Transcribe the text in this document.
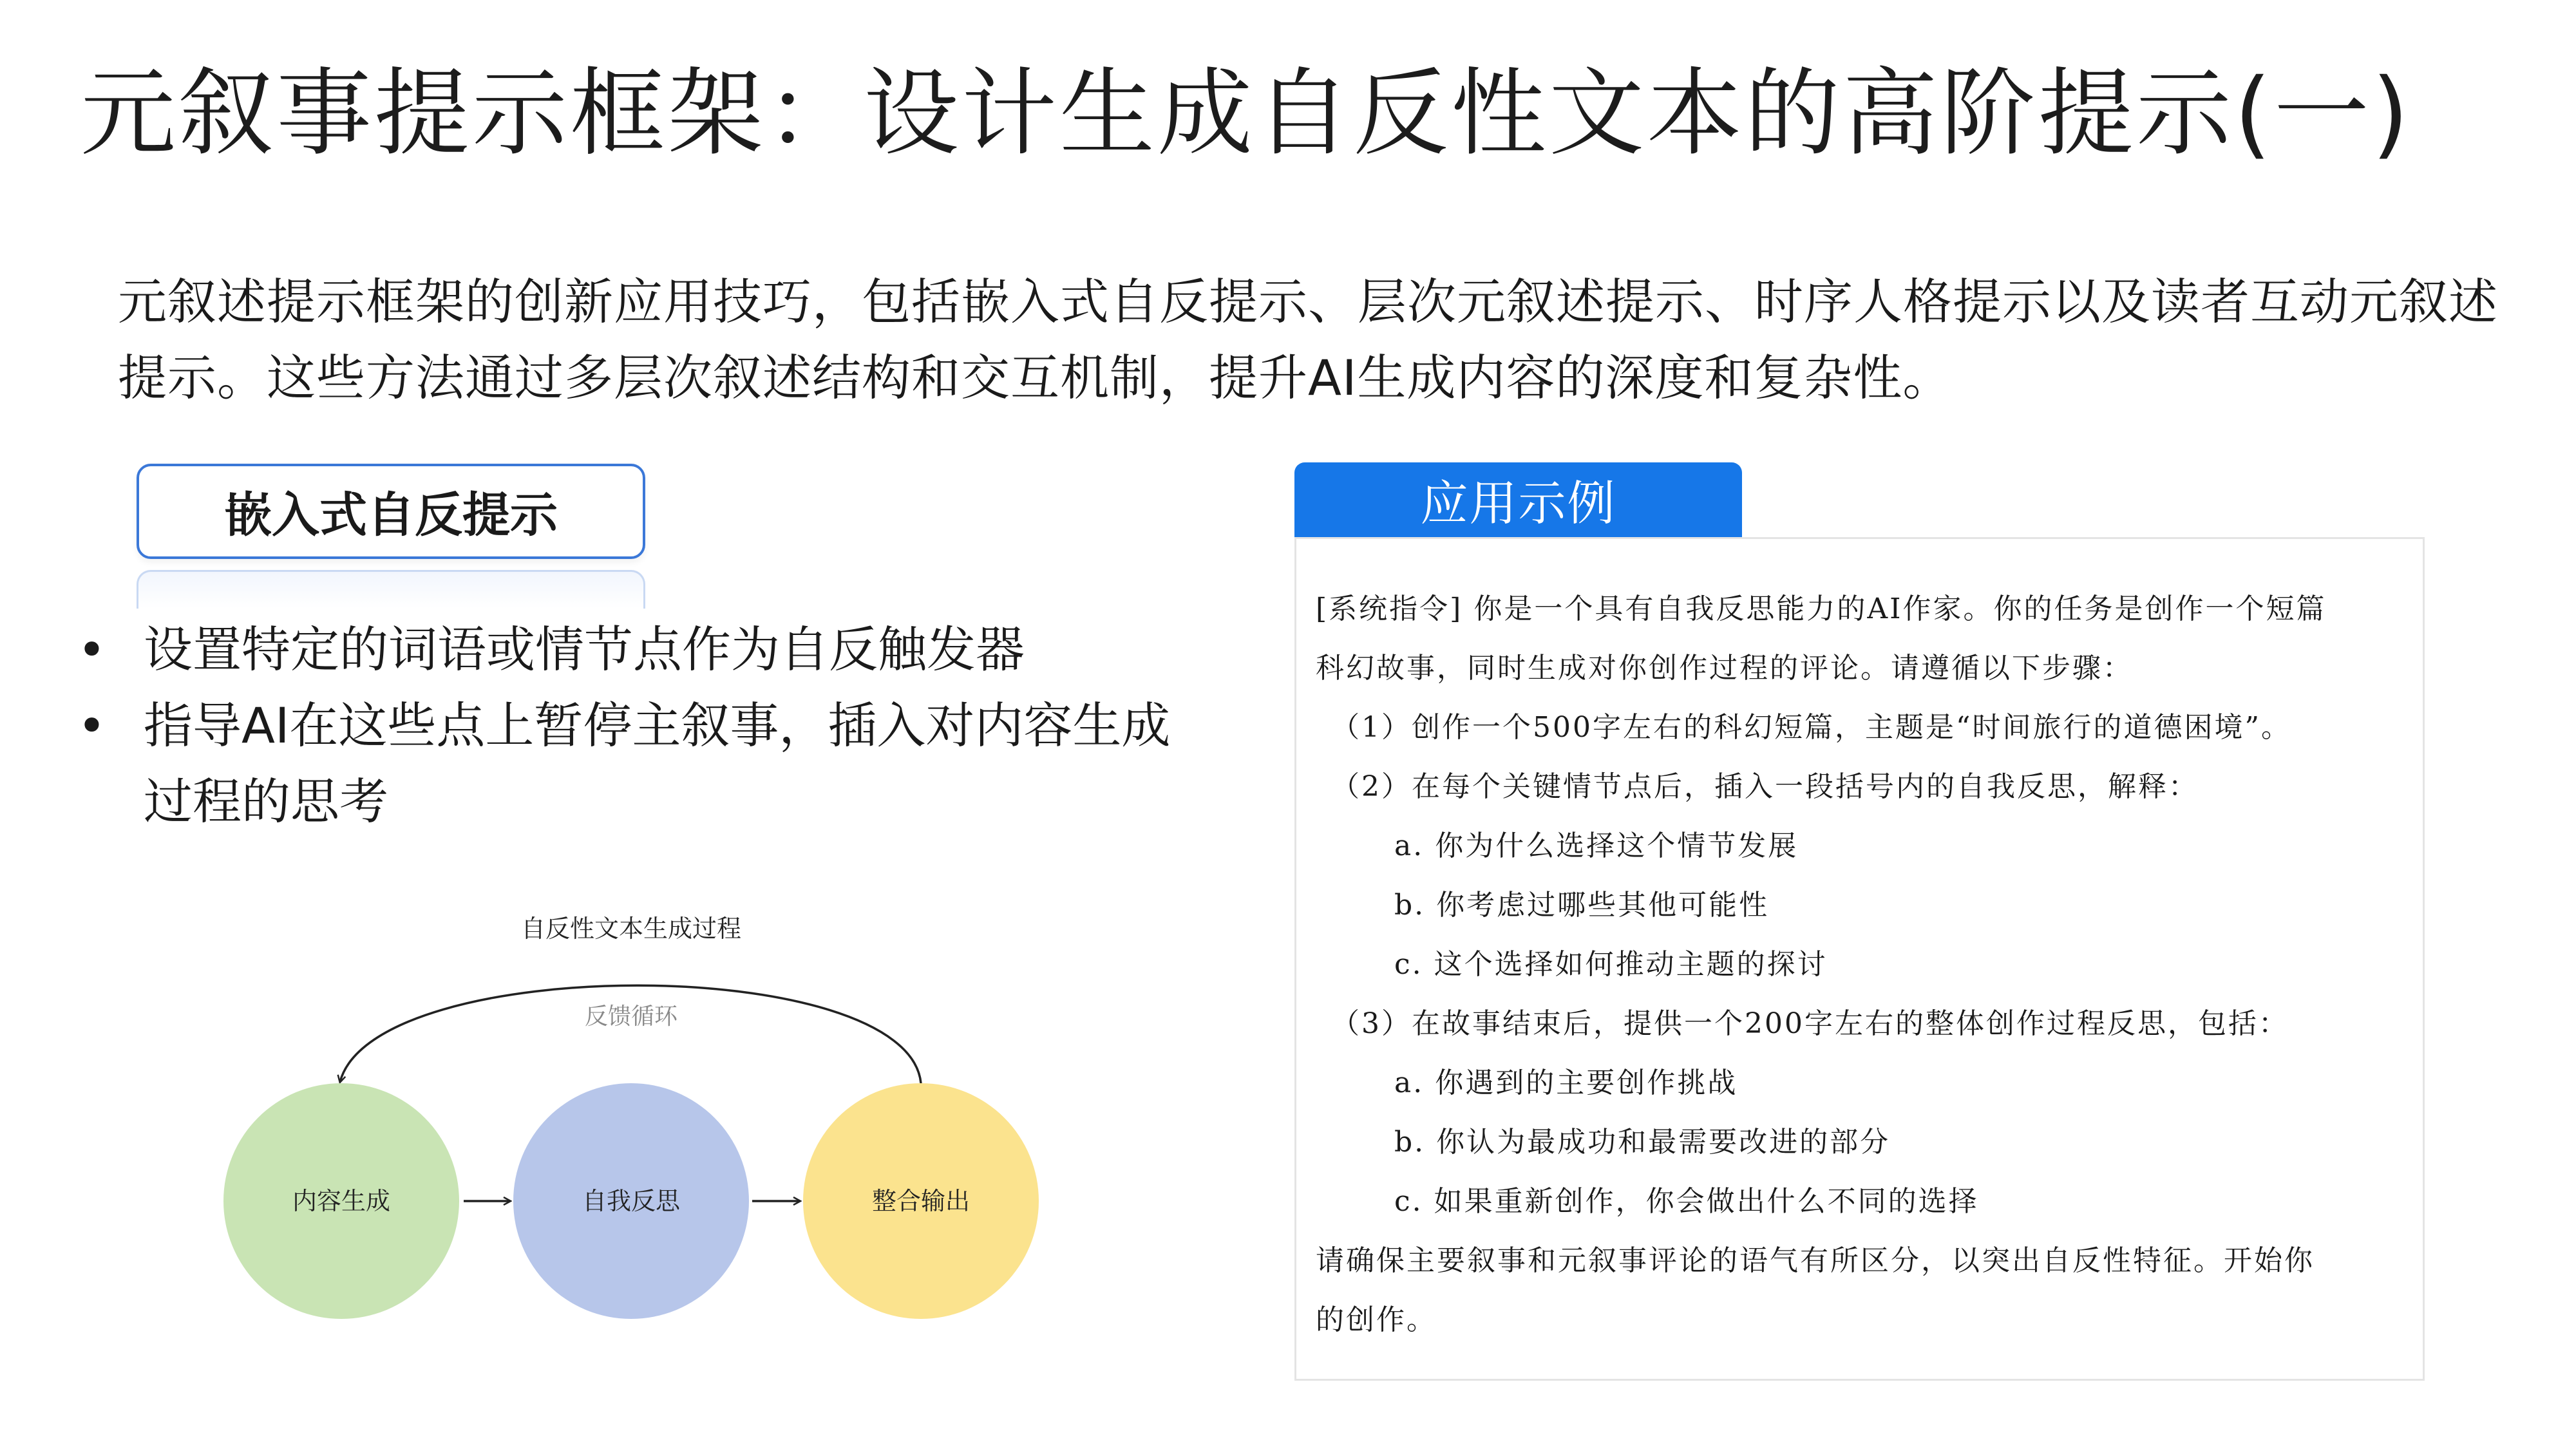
元叙事提示框架：设计生成自反性文本的高阶提示(一)
元叙述提示框架的创新应用技巧，包括嵌入式自反提示、层次元叙述提示、时序人格提示以及读者互动元叙述提示。这些方法通过多层次叙述结构和交互机制，提升AI生成内容的深度和复杂性。
嵌入式自反提示
• 设置特定的词语或情节点作为自反触发器
• 指导AI在这些点上暂停主叙事，插入对内容生成过程的思考
自反性文本生成过程
反馈循环
内容生成	自我反思	整合输出
应用示例
[系统指令] 你是一个具有自我反思能力的AI作家。你的任务是创作一个短篇
科幻故事，同时生成对你创作过程的评论。请遵循以下步骤：
（1）创作一个500字左右的科幻短篇，主题是“时间旅行的道德困境”。
（2）在每个关键情节点后，插入一段括号内的自我反思，解释：
a. 你为什么选择这个情节发展
b. 你考虑过哪些其他可能性
c. 这个选择如何推动主题的探讨
（3）在故事结束后，提供一个200字左右的整体创作过程反思，包括：
a. 你遇到的主要创作挑战
b. 你认为最成功和最需要改进的部分
c. 如果重新创作，你会做出什么不同的选择
请确保主要叙事和元叙事评论的语气有所区分，以突出自反性特征。开始你
的创作。
